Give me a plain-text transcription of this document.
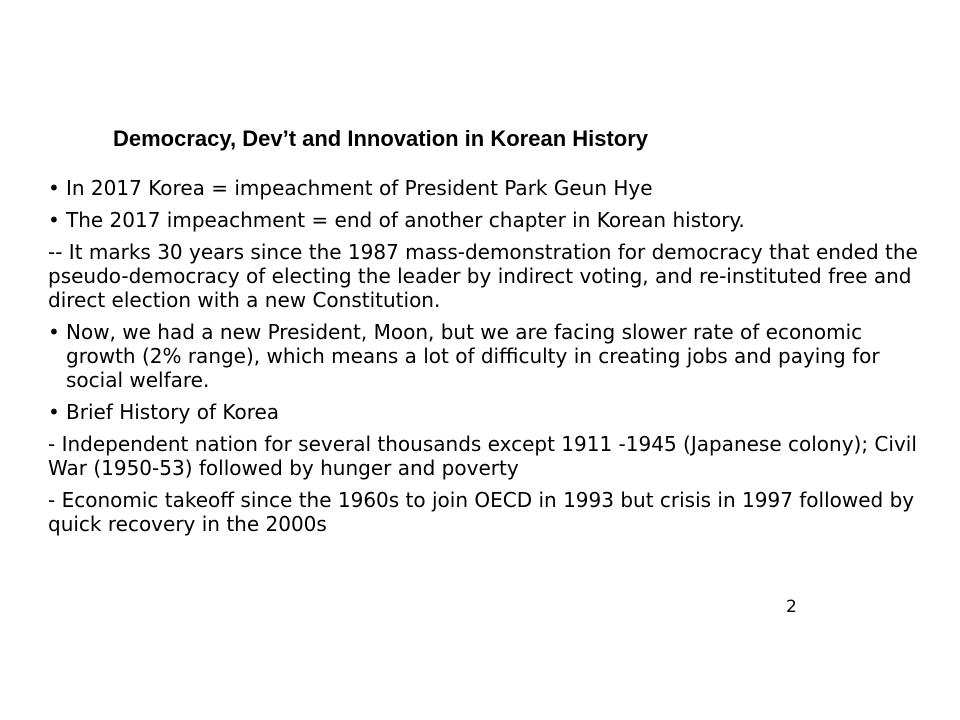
Democracy, Dev’t and Innovation in Korean History
• In 2017 Korea = impeachment of President Park Geun Hye
• The 2017 impeachment = end of another chapter in Korean history.
-- It marks 30 years since the 1987 mass-demonstration for democracy that ended the pseudo-democracy of electing the leader by indirect voting, and re-instituted free and direct election with a new Constitution.
• Now, we had a new President, Moon, but we are facing slower rate of economic growth (2% range), which means a lot of difficulty in creating jobs and paying for social welfare.
• Brief History of Korea
- Independent nation for several thousands except 1911 -1945 (Japanese colony); Civil War (1950-53) followed by hunger and poverty
- Economic takeoff since the 1960s to join OECD in 1993 but crisis in 1997 followed by quick recovery in the 2000s
2
